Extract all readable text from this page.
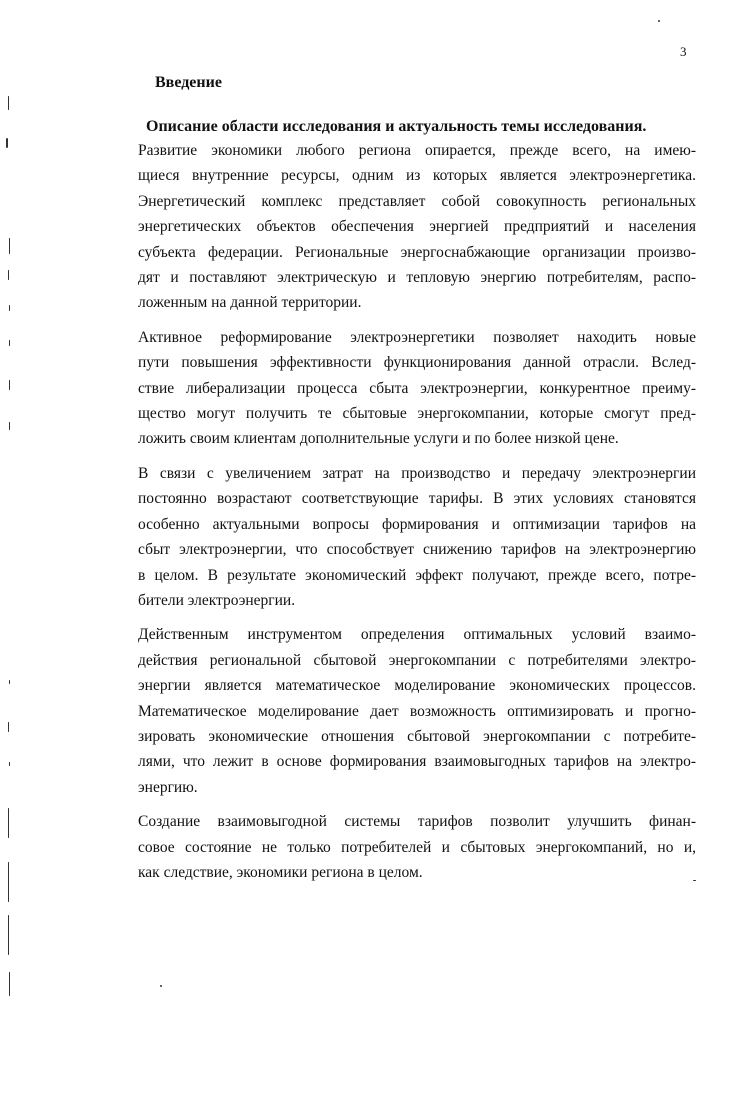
3
Введение
Описание области исследования и актуальность темы исследования.
Развитие экономики любого региона опирается, прежде всего, на имею-
щиеся внутренние ресурсы, одним из которых является электроэнергетика.
Энергетический комплекс представляет собой совокупность региональных
энергетических объектов обеспечения энергией предприятий и населения
субъекта федерации. Региональные энергоснабжающие организации произво-
дят и поставляют электрическую и тепловую энергию потребителям, распо-
ложенным на данной территории.
Активное реформирование электроэнергетики позволяет находить новые
пути повышения эффективности функционирования данной отрасли. Вслед-
ствие либерализации процесса сбыта электроэнергии, конкурентное преиму-
щество могут получить те сбытовые энергокомпании, которые смогут пред-
ложить своим клиентам дополнительные услуги и по более низкой цене.
В связи с увеличением затрат на производство и передачу электроэнергии
постоянно возрастают соответствующие тарифы. В этих условиях становятся
особенно актуальными вопросы формирования и оптимизации тарифов на
сбыт электроэнергии, что способствует снижению тарифов на электроэнергию
в целом. В результате экономический эффект получают, прежде всего, потре-
бители электроэнергии.
Действенным инструментом определения оптимальных условий взаимо-
действия региональной сбытовой энергокомпании с потребителями электро-
энергии является математическое моделирование экономических процессов.
Математическое моделирование дает возможность оптимизировать и прогно-
зировать экономические отношения сбытовой энергокомпании с потребите-
лями, что лежит в основе формирования взаимовыгодных тарифов на электро-
энергию.
Создание взаимовыгодной системы тарифов позволит улучшить финан-
совое состояние не только потребителей и сбытовых энергокомпаний, но и,
как следствие, экономики региона в целом.
